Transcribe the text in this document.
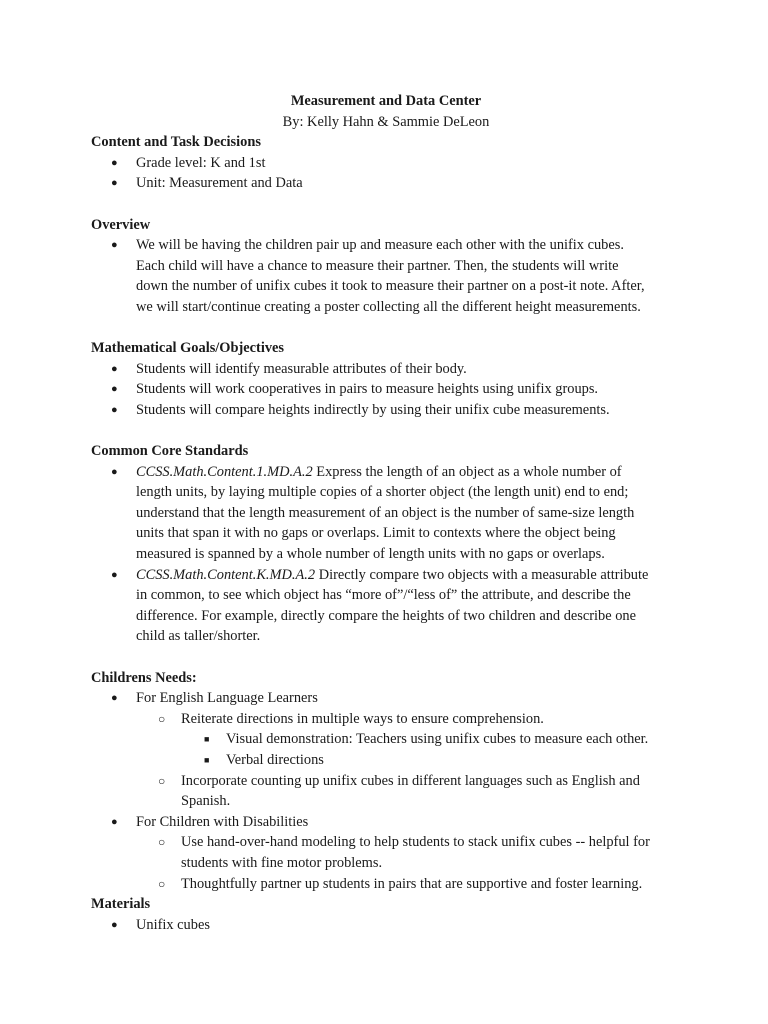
Measurement and Data Center

By: Kelly Hahn & Sammie DeLeon

Content and Task Decisions

● Grade level: K and 1st
● Unit: Measurement and Data

Overview

● We will be having the children pair up and measure each other with the unifix cubes.
Each child will have a chance to measure their partner. Then, the students will write
down the number of unifix cubes it took to measure their partner on a post-it note. After,
we will start/continue creating a poster collecting all the different height measurements.

Mathematical Goals/Objectives

● Students will identify measurable attributes of their body.
● Students will work cooperatives in pairs to measure heights using unifix groups.
● Students will compare heights indirectly by using their unifix cube measurements.

Common Core Standards

● CCSS.Math.Content.1.MD.A.2 Express the length of an object as a whole number of
length units, by laying multiple copies of a shorter object (the length unit) end to end;
understand that the length measurement of an object is the number of same-size length
units that span it with no gaps or overlaps. Limit to contexts where the object being
measured is spanned by a whole number of length units with no gaps or overlaps.
● CCSS.Math.Content.K.MD.A.2 Directly compare two objects with a measurable attribute
in common, to see which object has “more of”/“less of” the attribute, and describe the
difference. For example, directly compare the heights of two children and describe one
child as taller/shorter.

Childrens Needs:

● For English Language Learners
○ Reiterate directions in multiple ways to ensure comprehension.
■ Visual demonstration: Teachers using unifix cubes to measure each other.
■ Verbal directions
○ Incorporate counting up unifix cubes in different languages such as English and
Spanish.
● For Children with Disabilities
○ Use hand-over-hand modeling to help students to stack unifix cubes -- helpful for
students with fine motor problems.
○ Thoughtfully partner up students in pairs that are supportive and foster learning.

Materials

● Unifix cubes
